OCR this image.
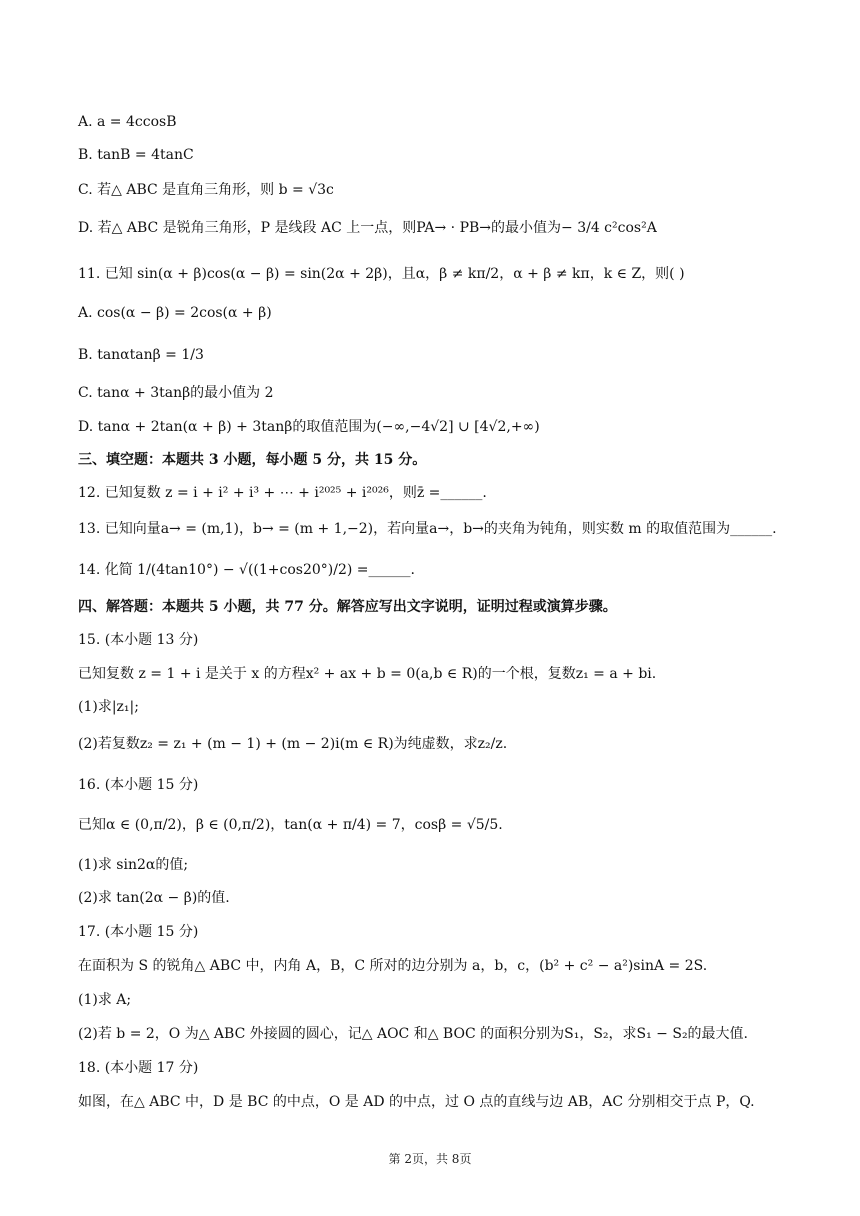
A. a = 4ccosB
B. tanB = 4tanC
C. 若△ ABC 是直角三角形，则 b = √3c
D. 若△ ABC 是锐角三角形，P 是线段 AC 上一点，则PA→ · PB→的最小值为− 3/4 c²cos²A
11. 已知 sin(α + β)cos(α − β) = sin(2α + 2β)，且α，β ≠ kπ/2，α + β ≠ kπ，k ∈ Z，则( )
A. cos(α − β) = 2cos(α + β)
B. tanαtanβ = 1/3
C. tanα + 3tanβ的最小值为 2
D. tanα + 2tan(α + β) + 3tanβ的取值范围为(−∞,−4√2] ∪ [4√2,+∞)
三、填空题：本题共 3 小题，每小题 5 分，共 15 分。
12. 已知复数 z = i + i² + i³ + ⋯ + i²⁰²⁵ + i²⁰²⁶，则z̄ =______.
13. 已知向量a→ = (m,1)，b→ = (m + 1,−2)，若向量a→，b→的夹角为钝角，则实数 m 的取值范围为______.
14. 化简 1/(4tan10°) − √((1+cos20°)/2) =______.
四、解答题：本题共 5 小题，共 77 分。解答应写出文字说明，证明过程或演算步骤。
15. (本小题 13 分)
已知复数 z = 1 + i 是关于 x 的方程x² + ax + b = 0(a,b ∈ R)的一个根，复数z₁ = a + bi.
(1)求|z₁|;
(2)若复数z₂ = z₁ + (m − 1) + (m − 2)i(m ∈ R)为纯虚数，求z₂/z.
16. (本小题 15 分)
已知α ∈ (0,π/2)，β ∈ (0,π/2)，tan(α + π/4) = 7，cosβ = √5/5.
(1)求 sin2α的值;
(2)求 tan(2α − β)的值.
17. (本小题 15 分)
在面积为 S 的锐角△ ABC 中，内角 A，B，C 所对的边分别为 a，b，c，(b² + c² − a²)sinA = 2S.
(1)求 A;
(2)若 b = 2，O 为△ ABC 外接圆的圆心，记△ AOC 和△ BOC 的面积分别为S₁，S₂，求S₁ − S₂的最大值.
18. (本小题 17 分)
如图，在△ ABC 中，D 是 BC 的中点，O 是 AD 的中点，过 O 点的直线与边 AB，AC 分别相交于点 P，Q.
第 2页，共 8页
